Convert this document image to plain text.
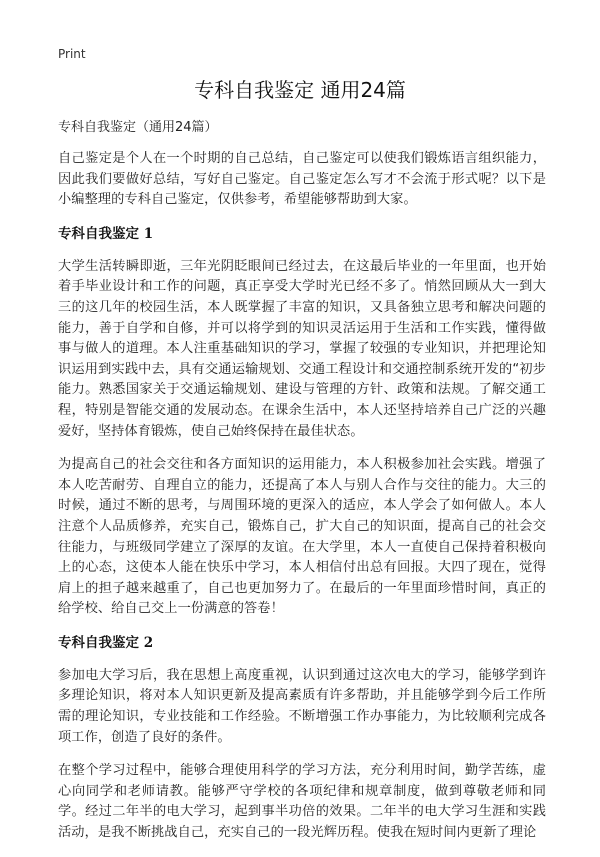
Print
专科自我鉴定 通用24篇

专科自我鉴定（通用24篇）

自己鉴定是个人在一个时期的自己总结，自己鉴定可以使我们锻炼语言组织能力，因此我们要做好总结，写好自己鉴定。自己鉴定怎么写才不会流于形式呢？以下是小编整理的专科自己鉴定，仅供参考，希望能够帮助到大家。

专科自我鉴定 1

大学生活转瞬即逝，三年光阴眨眼间已经过去，在这最后毕业的一年里面，也开始着手毕业设计和工作的问题，真正享受大学时光已经不多了。悄然回顾从大一到大三的这几年的校园生活，本人既掌握了丰富的知识，又具备独立思考和解决问题的能力，善于自学和自修，并可以将学到的知识灵活运用于生活和工作实践，懂得做事与做人的道理。本人注重基础知识的学习，掌握了较强的专业知识，并把理论知识运用到实践中去，具有交通运输规划、交通工程设计和交通控制系统开发的“初步能力。熟悉国家关于交通运输规划、建设与管理的方针、政策和法规。了解交通工程，特别是智能交通的发展动态。在课余生活中，本人还坚持培养自己广泛的兴趣爱好，坚持体育锻炼，使自己始终保持在最佳状态。

为提高自己的社会交往和各方面知识的运用能力，本人积极参加社会实践。增强了本人吃苦耐劳、自理自立的能力，还提高了本人与别人合作与交往的能力。大三的时候，通过不断的思考，与周围环境的更深入的适应，本人学会了如何做人。本人注意个人品质修养，充实自己，锻炼自己，扩大自己的知识面，提高自己的社会交往能力，与班级同学建立了深厚的友谊。在大学里，本人一直使自己保持着积极向上的心态，这使本人能在快乐中学习，本人相信付出总有回报。大四了现在，觉得肩上的担子越来越重了，自己也更加努力了。在最后的一年里面珍惜时间，真正的给学校、给自己交上一份满意的答卷！

专科自我鉴定 2

参加电大学习后，我在思想上高度重视，认识到通过这次电大的学习，能够学到许多理论知识，将对本人知识更新及提高素质有许多帮助，并且能够学到今后工作所需的理论知识，专业技能和工作经验。不断增强工作办事能力，为比较顺利完成各项工作，创造了良好的条件。

在整个学习过程中，能够合理使用科学的学习方法，充分利用时间，勤学苦练，虚心向同学和老师请教。能够严守学校的各项纪律和规章制度，做到尊敬老师和同学。经过二年半的电大学习，起到事半功倍的效果。二年半的电大学习生涯和实践活动，是我不断挑战自己，充实自己的一段光辉历程。使我在短时间内更新了理论
